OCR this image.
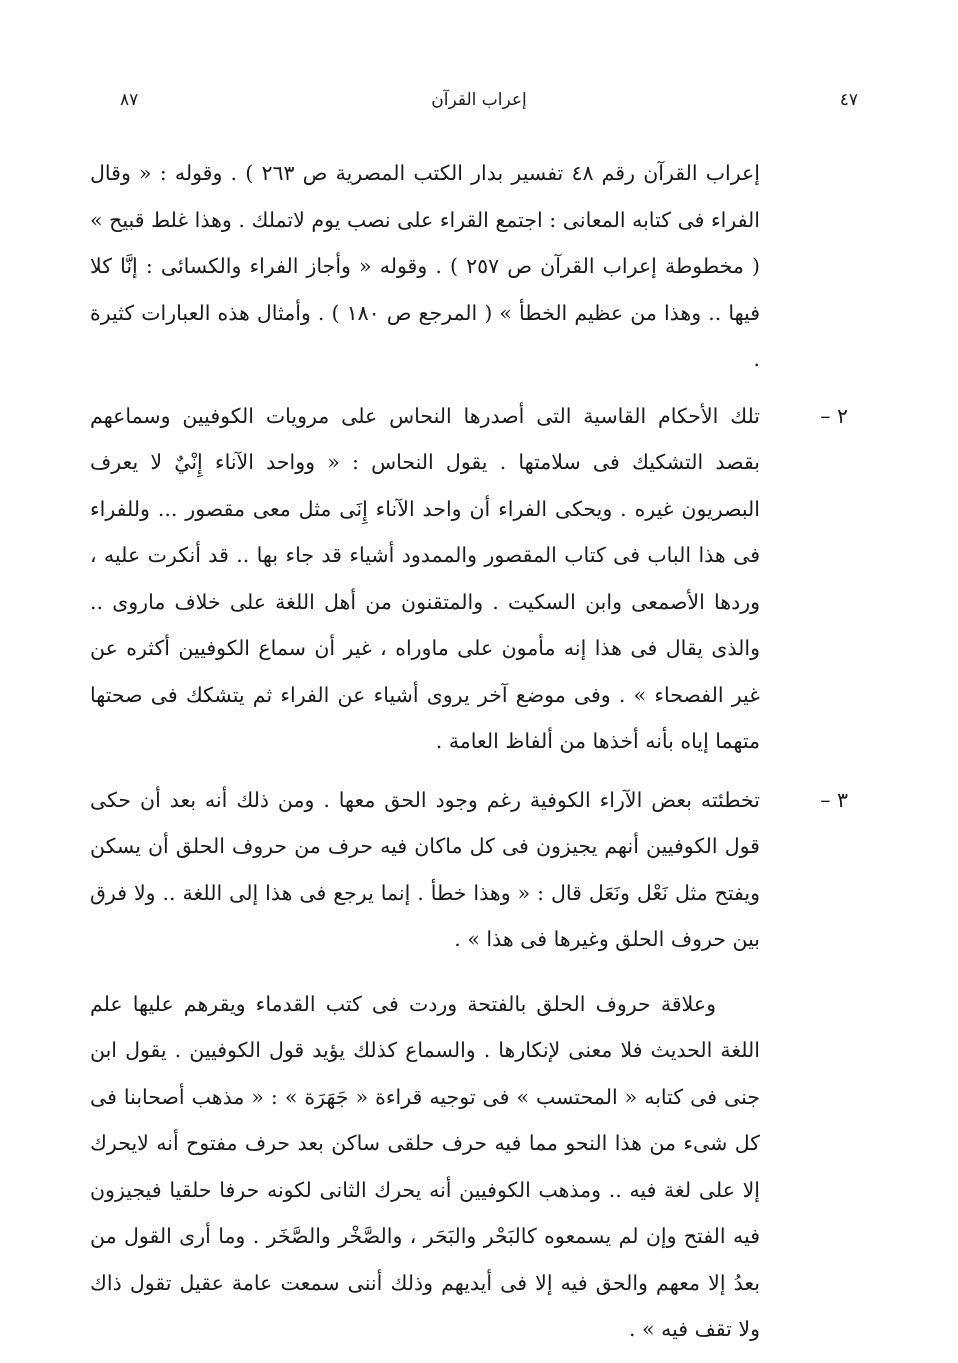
٤٧
إعراب القرآن
٨٧

إعراب القرآن رقم ٤٨ تفسير بدار الكتب المصرية ص ٢٦٣ ) . وقوله : « وقال الفراء فى كتابه المعانى : اجتمع القراء على نصب يوم لاتملك . وهذا غلط قبيح » ( مخطوطة إعراب القرآن ص ٢٥٧ ) . وقوله « وأجاز الفراء والكسائى : إنَّا كلا فيها .. وهذا من عظيم الخطأ » ( المرجع ص ١٨٠ ) . وأمثال هذه العبارات كثيرة .

٢ –

تلك الأحكام القاسية التى أصدرها النحاس على مرويات الكوفيين وسماعهم بقصد التشكيك فى سلامتها . يقول النحاس : « وواحد الآناء إِنْيٌ لا يعرف البصريون غيره . ويحكى الفراء أن واحد الآناء إِنَى مثل معى مقصور ... وللفراء فى هذا الباب فى كتاب المقصور والممدود أشياء قد جاء بها .. قد أنكرت عليه ، وردها الأصمعى وابن السكيت . والمتقنون من أهل اللغة على خلاف ماروى .. والذى يقال فى هذا إنه مأمون على ماوراه ، غير أن سماع الكوفيين أكثره عن غير الفصحاء » . وفى موضع آخر يروى أشياء عن الفراء ثم يتشكك فى صحتها متهما إياه بأنه أخذها من ألفاظ العامة .

٣ –

تخطئته بعض الآراء الكوفية رغم وجود الحق معها . ومن ذلك أنه بعد أن حكى قول الكوفيين أنهم يجيزون فى كل ماكان فيه حرف من حروف الحلق أن يسكن ويفتح مثل نَعْل ونَعَل قال : « وهذا خطأ . إنما يرجع فى هذا إلى اللغة .. ولا فرق بين حروف الحلق وغيرها فى هذا » .

وعلاقة حروف الحلق بالفتحة وردت فى كتب القدماء ويقرهم عليها علم اللغة الحديث فلا معنى لإنكارها . والسماع كذلك يؤيد قول الكوفيين . يقول ابن جنى فى كتابه « المحتسب » فى توجيه قراءة « جَهَرَة » : « مذهب أصحابنا فى كل شىء من هذا النحو مما فيه حرف حلقى ساكن بعد حرف مفتوح أنه لايحرك إلا على لغة فيه .. ومذهب الكوفيين أنه يحرك الثانى لكونه حرفا حلقيا فيجيزون فيه الفتح وإن لم يسمعوه كالبَحْر والبَحَر ، والصَّخْر والصَّخَر . وما أرى القول من بعدُ إلا معهم والحق فيه إلا فى أيديهم وذلك أننى سمعت عامة عقيل تقول ذاك ولا تقف فيه » .
